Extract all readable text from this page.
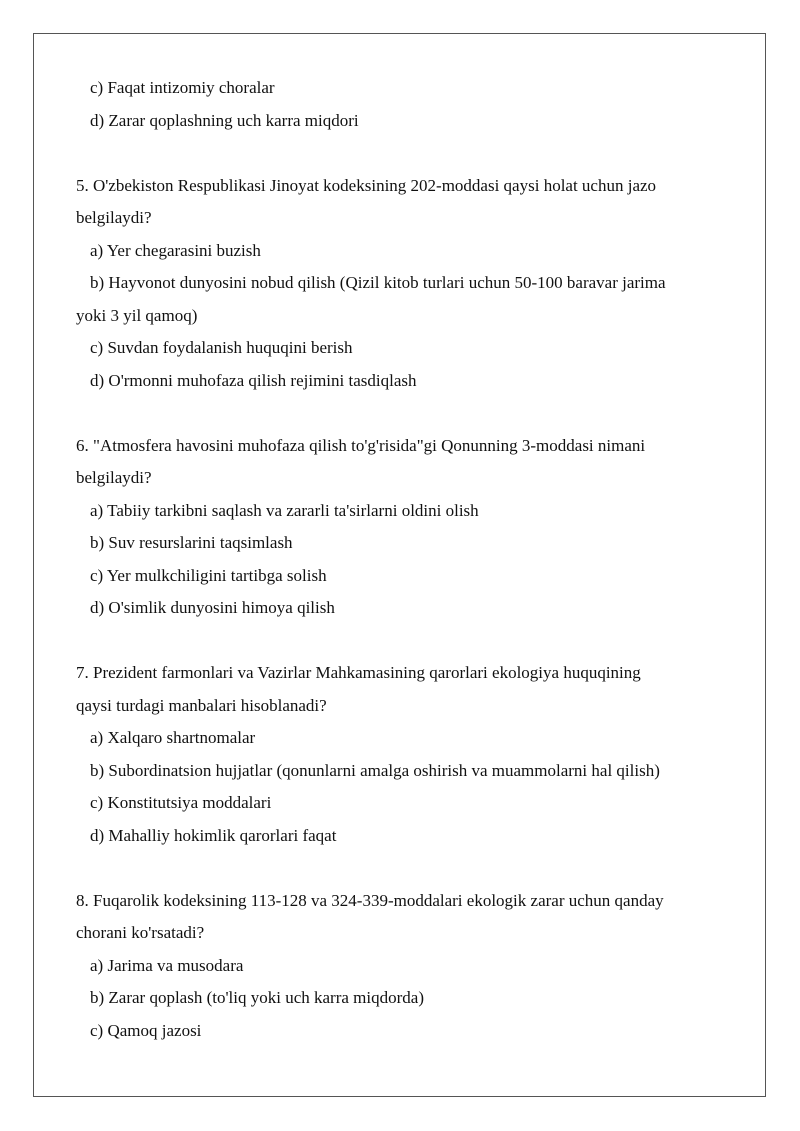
c) Faqat intizomiy choralar
d) Zarar qoplashning uch karra miqdori
5. O'zbekiston Respublikasi Jinoyat kodeksining 202-moddasi qaysi holat uchun jazo
belgilaydi?
a) Yer chegarasini buzish
b) Hayvonot dunyosini nobud qilish (Qizil kitob turlari uchun 50-100 baravar jarima
yoki 3 yil qamoq)
c) Suvdan foydalanish huquqini berish
d) O'rmonni muhofaza qilish rejimini tasdiqlash
6. "Atmosfera havosini muhofaza qilish to'g'risida"gi Qonunning 3-moddasi nimani
belgilaydi?
a) Tabiiy tarkibni saqlash va zararli ta'sirlarni oldini olish
b) Suv resurslarini taqsimlash
c) Yer mulkchiligini tartibga solish
d) O'simlik dunyosini himoya qilish
7. Prezident farmonlari va Vazirlar Mahkamasining qarorlari ekologiya huquqining
qaysi turdagi manbalari hisoblanadi?
a) Xalqaro shartnomalar
b) Subordinatsion hujjatlar (qonunlarni amalga oshirish va muammolarni hal qilish)
c) Konstitutsiya moddalari
d) Mahalliy hokimlik qarorlari faqat
8. Fuqarolik kodeksining 113-128 va 324-339-moddalari ekologik zarar uchun qanday
chorani ko'rsatadi?
a) Jarima va musodara
b) Zarar qoplash (to'liq yoki uch karra miqdorda)
c) Qamoq jazosi
